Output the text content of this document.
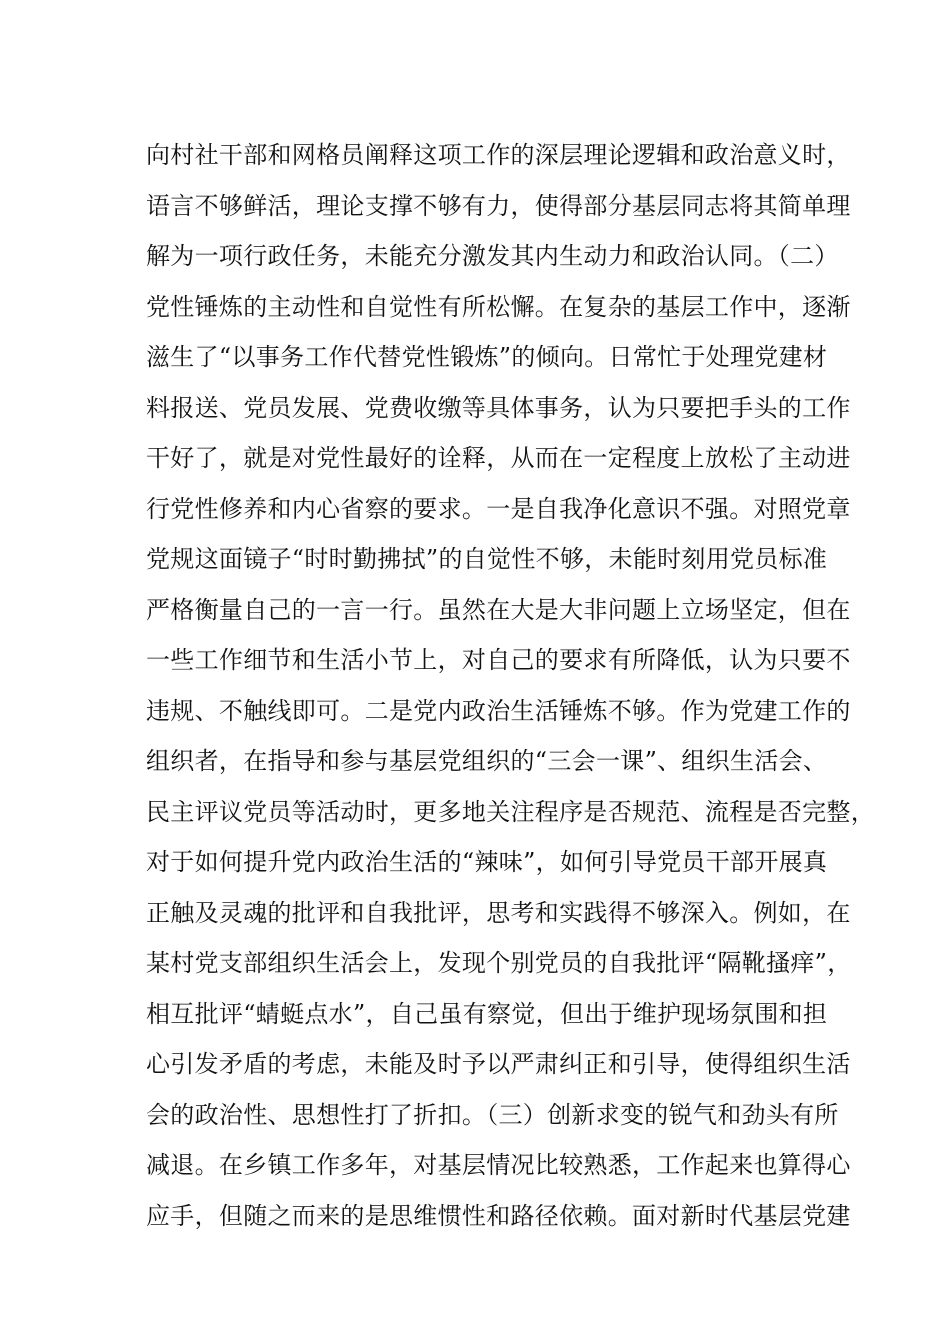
向村社干部和网格员阐释这项工作的深层理论逻辑和政治意义时，
语言不够鲜活，理论支撑不够有力，使得部分基层同志将其简单理
解为一项行政任务，未能充分激发其内生动力和政治认同。（二）
党性锤炼的主动性和自觉性有所松懈。在复杂的基层工作中，逐渐
滋生了“以事务工作代替党性锻炼”的倾向。日常忙于处理党建材
料报送、党员发展、党费收缴等具体事务，认为只要把手头的工作
干好了，就是对党性最好的诠释，从而在一定程度上放松了主动进
行党性修养和内心省察的要求。一是自我净化意识不强。对照党章
党规这面镜子“时时勤拂拭”的自觉性不够，未能时刻用党员标准
严格衡量自己的一言一行。虽然在大是大非问题上立场坚定，但在
一些工作细节和生活小节上，对自己的要求有所降低，认为只要不
违规、不触线即可。二是党内政治生活锤炼不够。作为党建工作的
组织者，在指导和参与基层党组织的“三会一课”、组织生活会、
民主评议党员等活动时，更多地关注程序是否规范、流程是否完整，
对于如何提升党内政治生活的“辣味”，如何引导党员干部开展真
正触及灵魂的批评和自我批评，思考和实践得不够深入。例如，在
某村党支部组织生活会上，发现个别党员的自我批评“隔靴搔痒”，
相互批评“蜻蜓点水”，自己虽有察觉，但出于维护现场氛围和担
心引发矛盾的考虑，未能及时予以严肃纠正和引导，使得组织生活
会的政治性、思想性打了折扣。（三）创新求变的锐气和劲头有所
减退。在乡镇工作多年，对基层情况比较熟悉，工作起来也算得心
应手，但随之而来的是思维惯性和路径依赖。面对新时代基层党建
